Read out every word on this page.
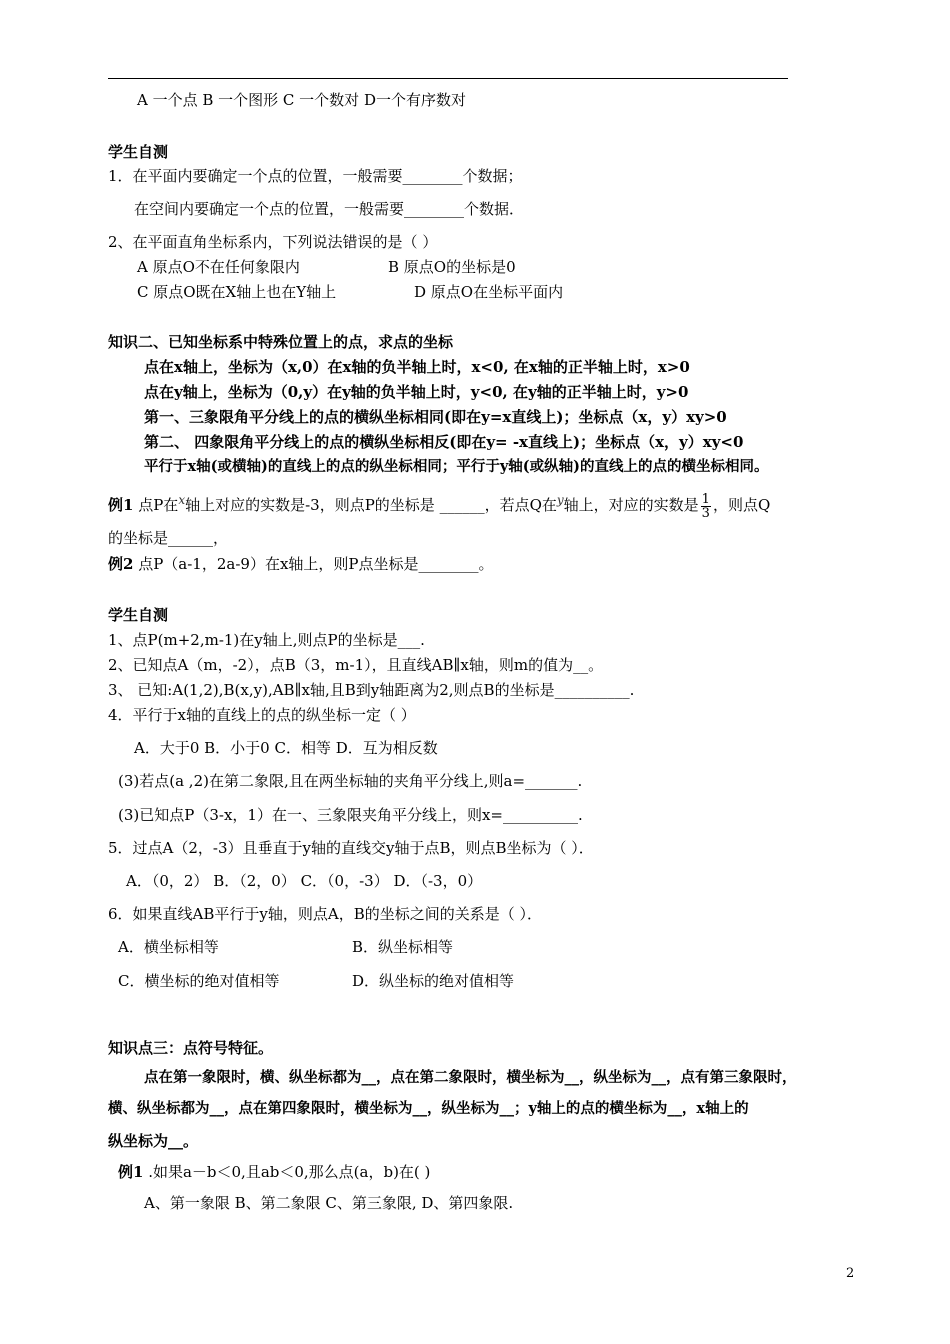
A 一个点 B 一个图形 C 一个数对 D一个有序数对
学生自测
1．在平面内要确定一个点的位置，一般需要________个数据；
在空间内要确定一个点的位置，一般需要________个数据．
2、在平面直角坐标系内，下列说法错误的是（ ）
A 原点O不在任何象限内	B 原点O的坐标是0
C 原点O既在X轴上也在Y轴上	D 原点O在坐标平面内
知识二、已知坐标系中特殊位置上的点，求点的坐标
点在x轴上，坐标为（x,0）在x轴的负半轴上时，x<0, 在x轴的正半轴上时，x>0
点在y轴上，坐标为（0,y）在y轴的负半轴上时，y<0, 在y轴的正半轴上时，y>0
第一、三象限角平分线上的点的横纵坐标相同(即在y=x直线上)；坐标点（x，y）xy>0
第二、 四象限角平分线上的点的横纵坐标相反(即在y= -x直线上)；坐标点（x，y）xy<0
平行于x轴(或横轴)的直线上的点的纵坐标相同；平行于y轴(或纵轴)的直线上的点的横坐标相同。
例1 点P在$^x$轴上对应的实数是-3，则点P的坐标是 ______，若点Q在$^y$轴上，对应的实数是 $\frac{1}{3}$ ，则点Q
的坐标是______，
例2 点P（a-1，2a-9）在x轴上，则P点坐标是________。
学生自测
1、点P(m+2,m-1)在y轴上,则点P的坐标是___.
2、已知点A（m，-2），点B（3，m-1），且直线AB∥x轴，则m的值为__。
3、 已知:A(1,2),B(x,y),AB∥x轴,且B到y轴距离为2,则点B的坐标是__________.
4．平行于x轴的直线上的点的纵坐标一定（ ）
A．大于0 B．小于0 C．相等 D．互为相反数
(3)若点(a ,2)在第二象限,且在两坐标轴的夹角平分线上,则a=_______.
(3)已知点P（3-x，1）在一、三象限夹角平分线上，则x=__________.
5．过点A（2，-3）且垂直于y轴的直线交y轴于点B，则点B坐标为（ ）．
A．（0，2） B．（2，0） C．（0，-3） D．（-3，0）
6．如果直线AB平行于y轴，则点A，B的坐标之间的关系是（ ）．
A．横坐标相等	B．纵坐标相等
C．横坐标的绝对值相等	D．纵坐标的绝对值相等
知识点三：点符号特征。
点在第一象限时，横、纵坐标都为__，点在第二象限时，横坐标为__，纵坐标为__，点有第三象限时，
横、纵坐标都为__，点在第四象限时，横坐标为__，纵坐标为__；y轴上的点的横坐标为__，x轴上的
纵坐标为__。
例1 .如果a－b＜0,且ab＜0,那么点(a，b)在( )
A、第一象限 B、第二象限 C、第三象限, D、第四象限.
2
